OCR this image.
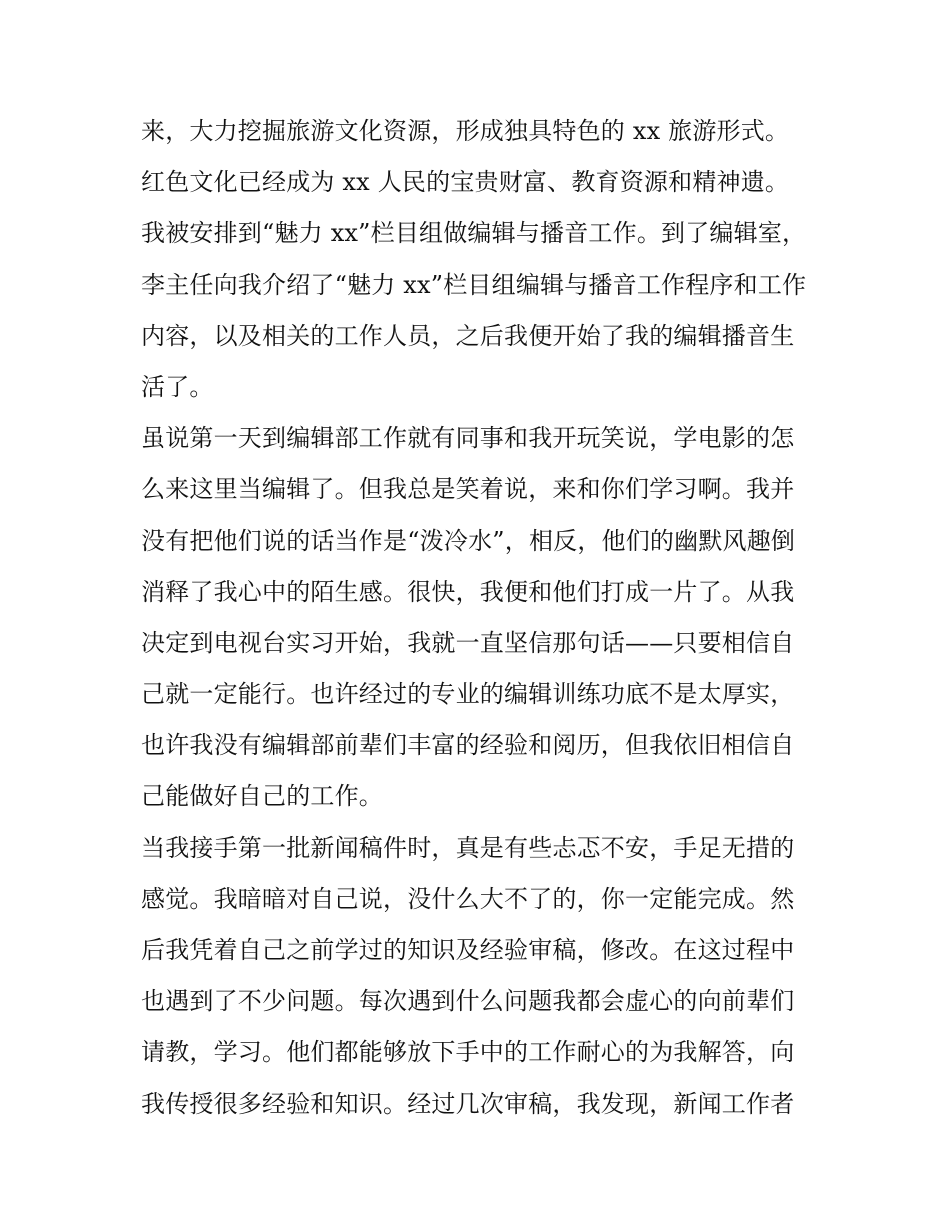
来，大力挖掘旅游文化资源，形成独具特色的 xx 旅游形式。
红色文化已经成为 xx 人民的宝贵财富、教育资源和精神遗。
我被安排到“魅力 xx”栏目组做编辑与播音工作。到了编辑室，
李主任向我介绍了“魅力 xx”栏目组编辑与播音工作程序和工作
内容，以及相关的工作人员，之后我便开始了我的编辑播音生
活了。
虽说第一天到编辑部工作就有同事和我开玩笑说，学电影的怎
么来这里当编辑了。但我总是笑着说，来和你们学习啊。我并
没有把他们说的话当作是“泼冷水”，相反，他们的幽默风趣倒
消释了我心中的陌生感。很快，我便和他们打成一片了。从我
决定到电视台实习开始，我就一直坚信那句话——只要相信自
己就一定能行。也许经过的专业的编辑训练功底不是太厚实，
也许我没有编辑部前辈们丰富的经验和阅历，但我依旧相信自
己能做好自己的工作。
当我接手第一批新闻稿件时，真是有些忐忑不安，手足无措的
感觉。我暗暗对自己说，没什么大不了的，你一定能完成。然
后我凭着自己之前学过的知识及经验审稿，修改。在这过程中
也遇到了不少问题。每次遇到什么问题我都会虚心的向前辈们
请教，学习。他们都能够放下手中的工作耐心的为我解答，向
我传授很多经验和知识。经过几次审稿，我发现，新闻工作者
